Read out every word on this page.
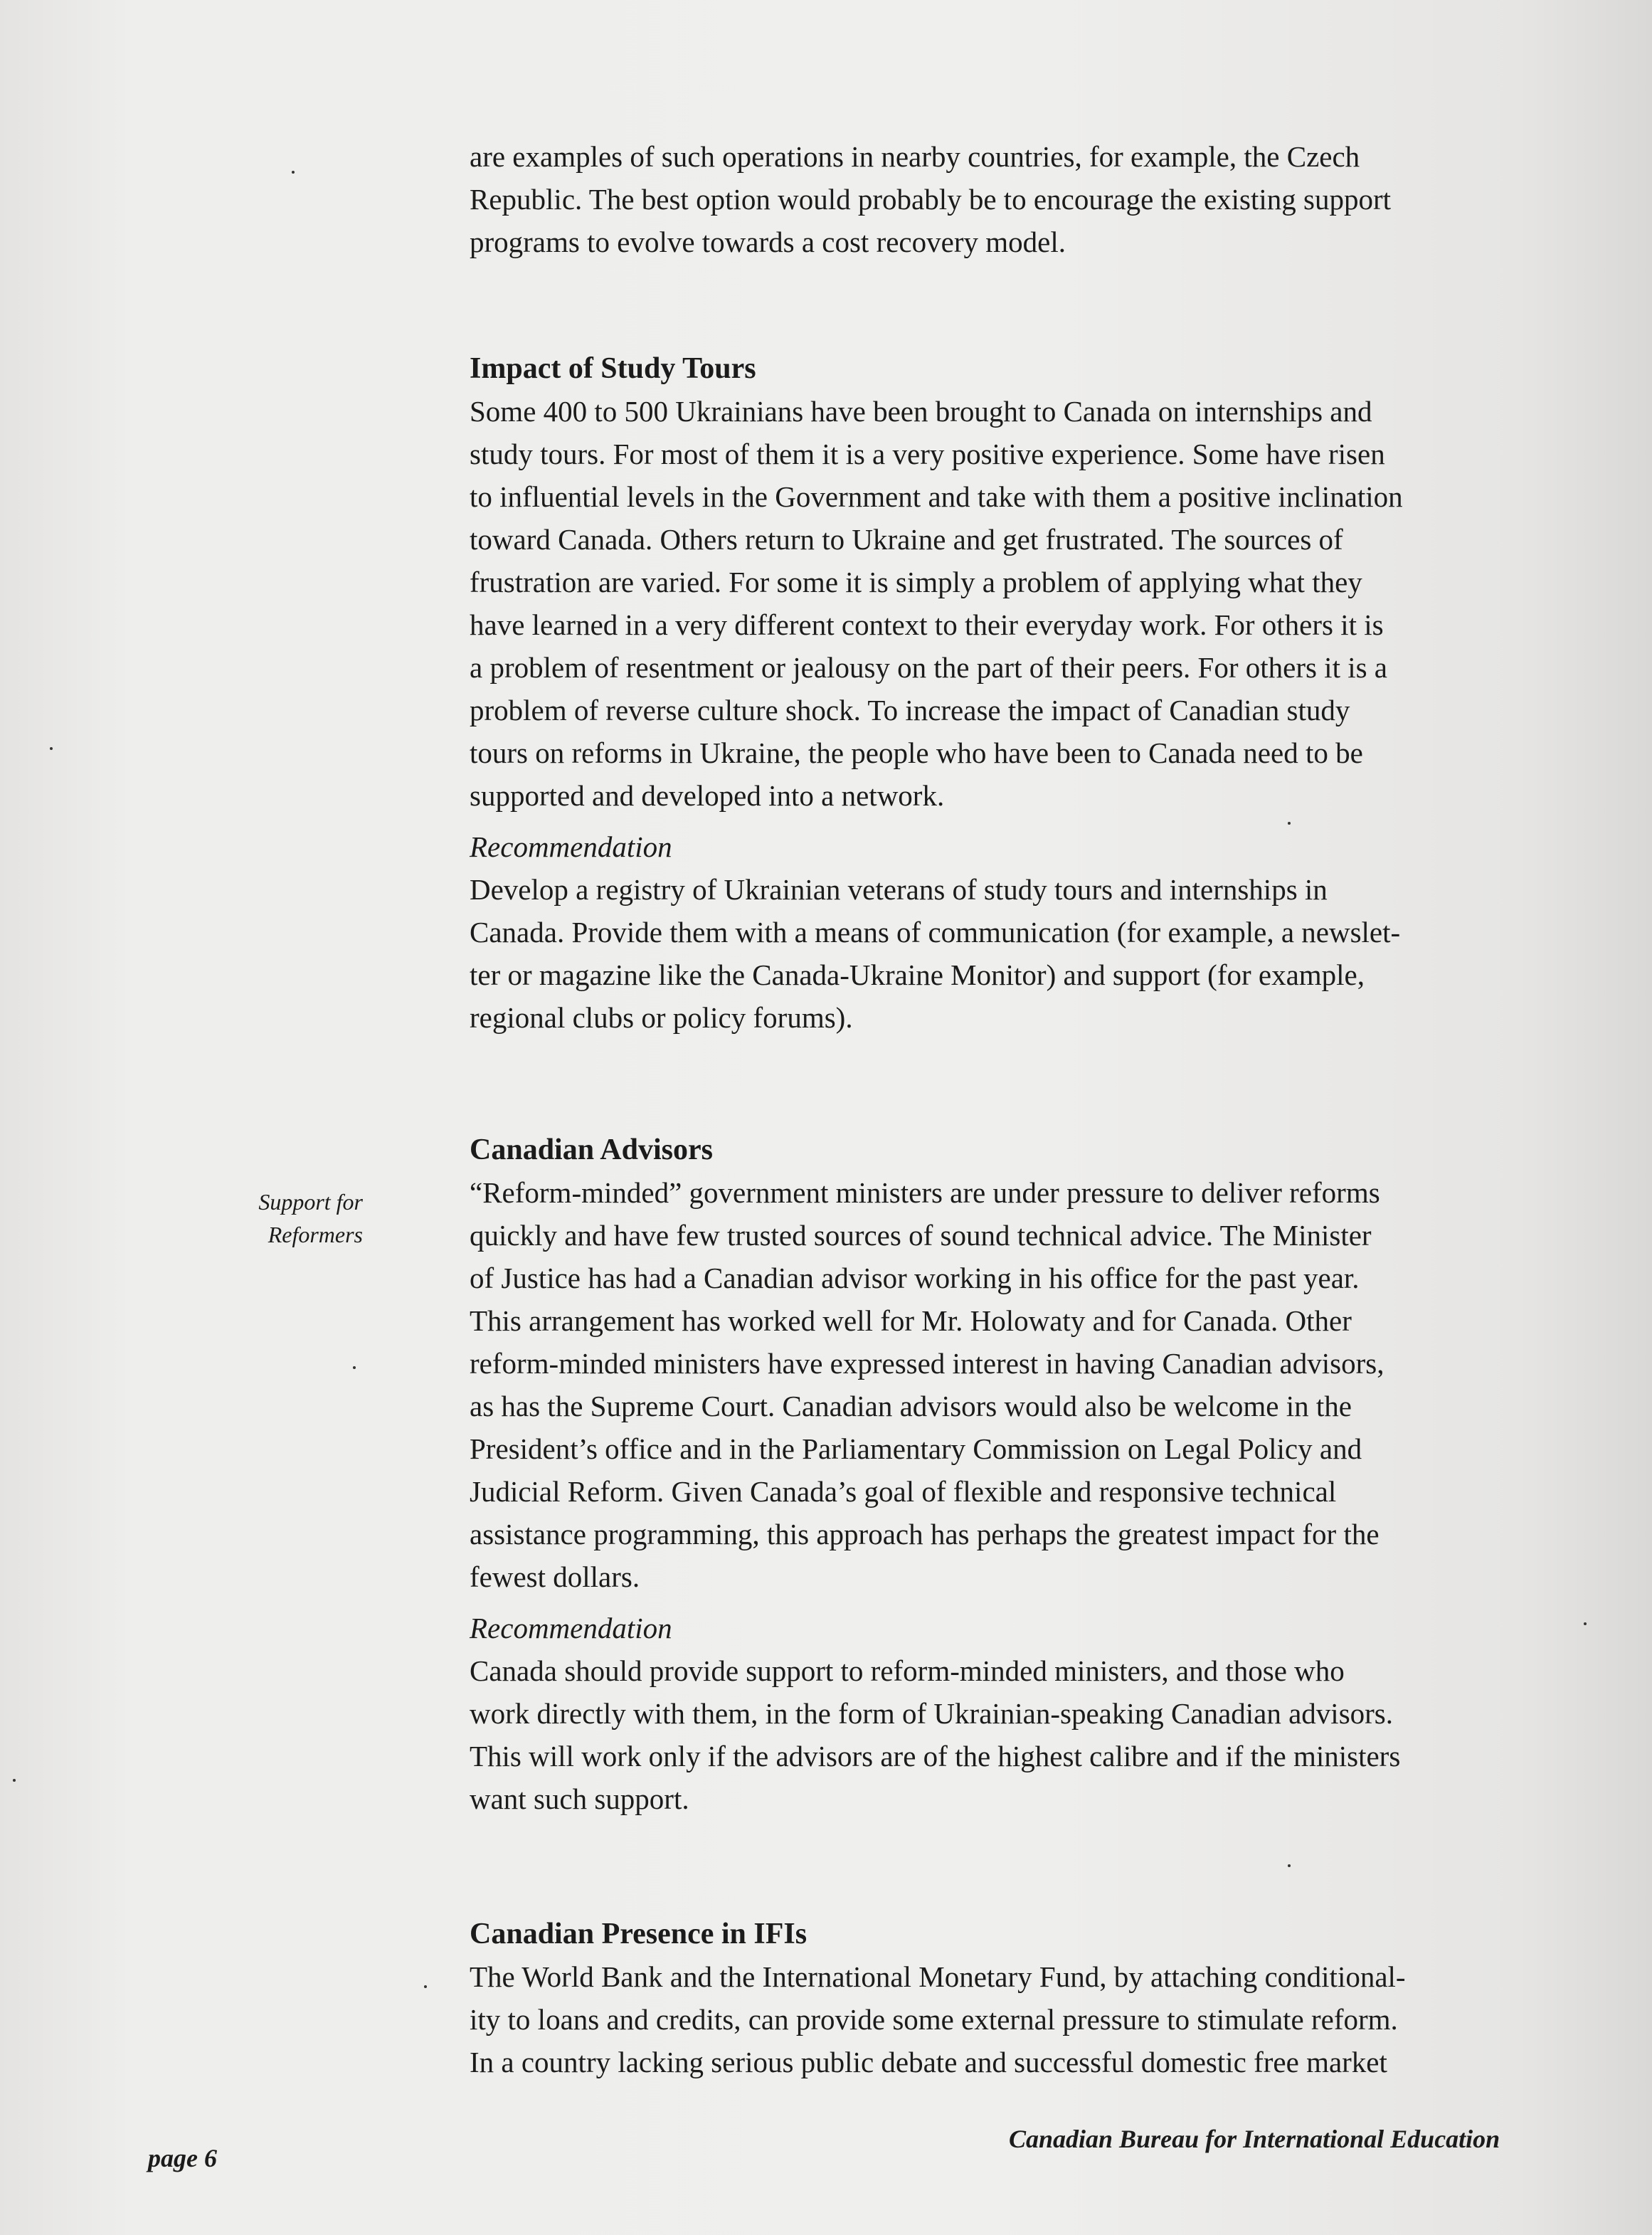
are examples of such operations in nearby countries, for example, the Czech

Republic. The best option would probably be to encourage the existing support

programs to evolve towards a cost recovery model.

Impact of Study Tours

Some 400 to 500 Ukrainians have been brought to Canada on internships and

study tours. For most of them it is a very positive experience. Some have risen

to influential levels in the Government and take with them a positive inclination

toward Canada. Others return to Ukraine and get frustrated. The sources of

frustration are varied. For some it is simply a problem of applying what they

have learned in a very different context to their everyday work. For others it is

a problem of resentment or jealousy on the part of their peers. For others it is a

problem of reverse culture shock. To increase the impact of Canadian study

tours on reforms in Ukraine, the people who have been to Canada need to be

supported and developed into a network.

Recommendation

Develop a registry of Ukrainian veterans of study tours and internships in

Canada. Provide them with a means of communication (for example, a newslet-

ter or magazine like the Canada-Ukraine Monitor) and support (for example,

regional clubs or policy forums).

Support for
Reformers
Canadian Advisors

“Reform-minded” government ministers are under pressure to deliver reforms

quickly and have few trusted sources of sound technical advice. The Minister

of Justice has had a Canadian advisor working in his office for the past year.

This arrangement has worked well for Mr. Holowaty and for Canada. Other

reform-minded ministers have expressed interest in having Canadian advisors,

as has the Supreme Court. Canadian advisors would also be welcome in the

President’s office and in the Parliamentary Commission on Legal Policy and

Judicial Reform. Given Canada’s goal of flexible and responsive technical

assistance programming, this approach has perhaps the greatest impact for the

fewest dollars.

Recommendation

Canada should provide support to reform-minded ministers, and those who

work directly with them, in the form of Ukrainian-speaking Canadian advisors.

This will work only if the advisors are of the highest calibre and if the ministers

want such support.

Canadian Presence in IFIs

The World Bank and the International Monetary Fund, by attaching conditional-

ity to loans and credits, can provide some external pressure to stimulate reform.

In a country lacking serious public debate and successful domestic free market

page 6
Canadian Bureau for International Education
